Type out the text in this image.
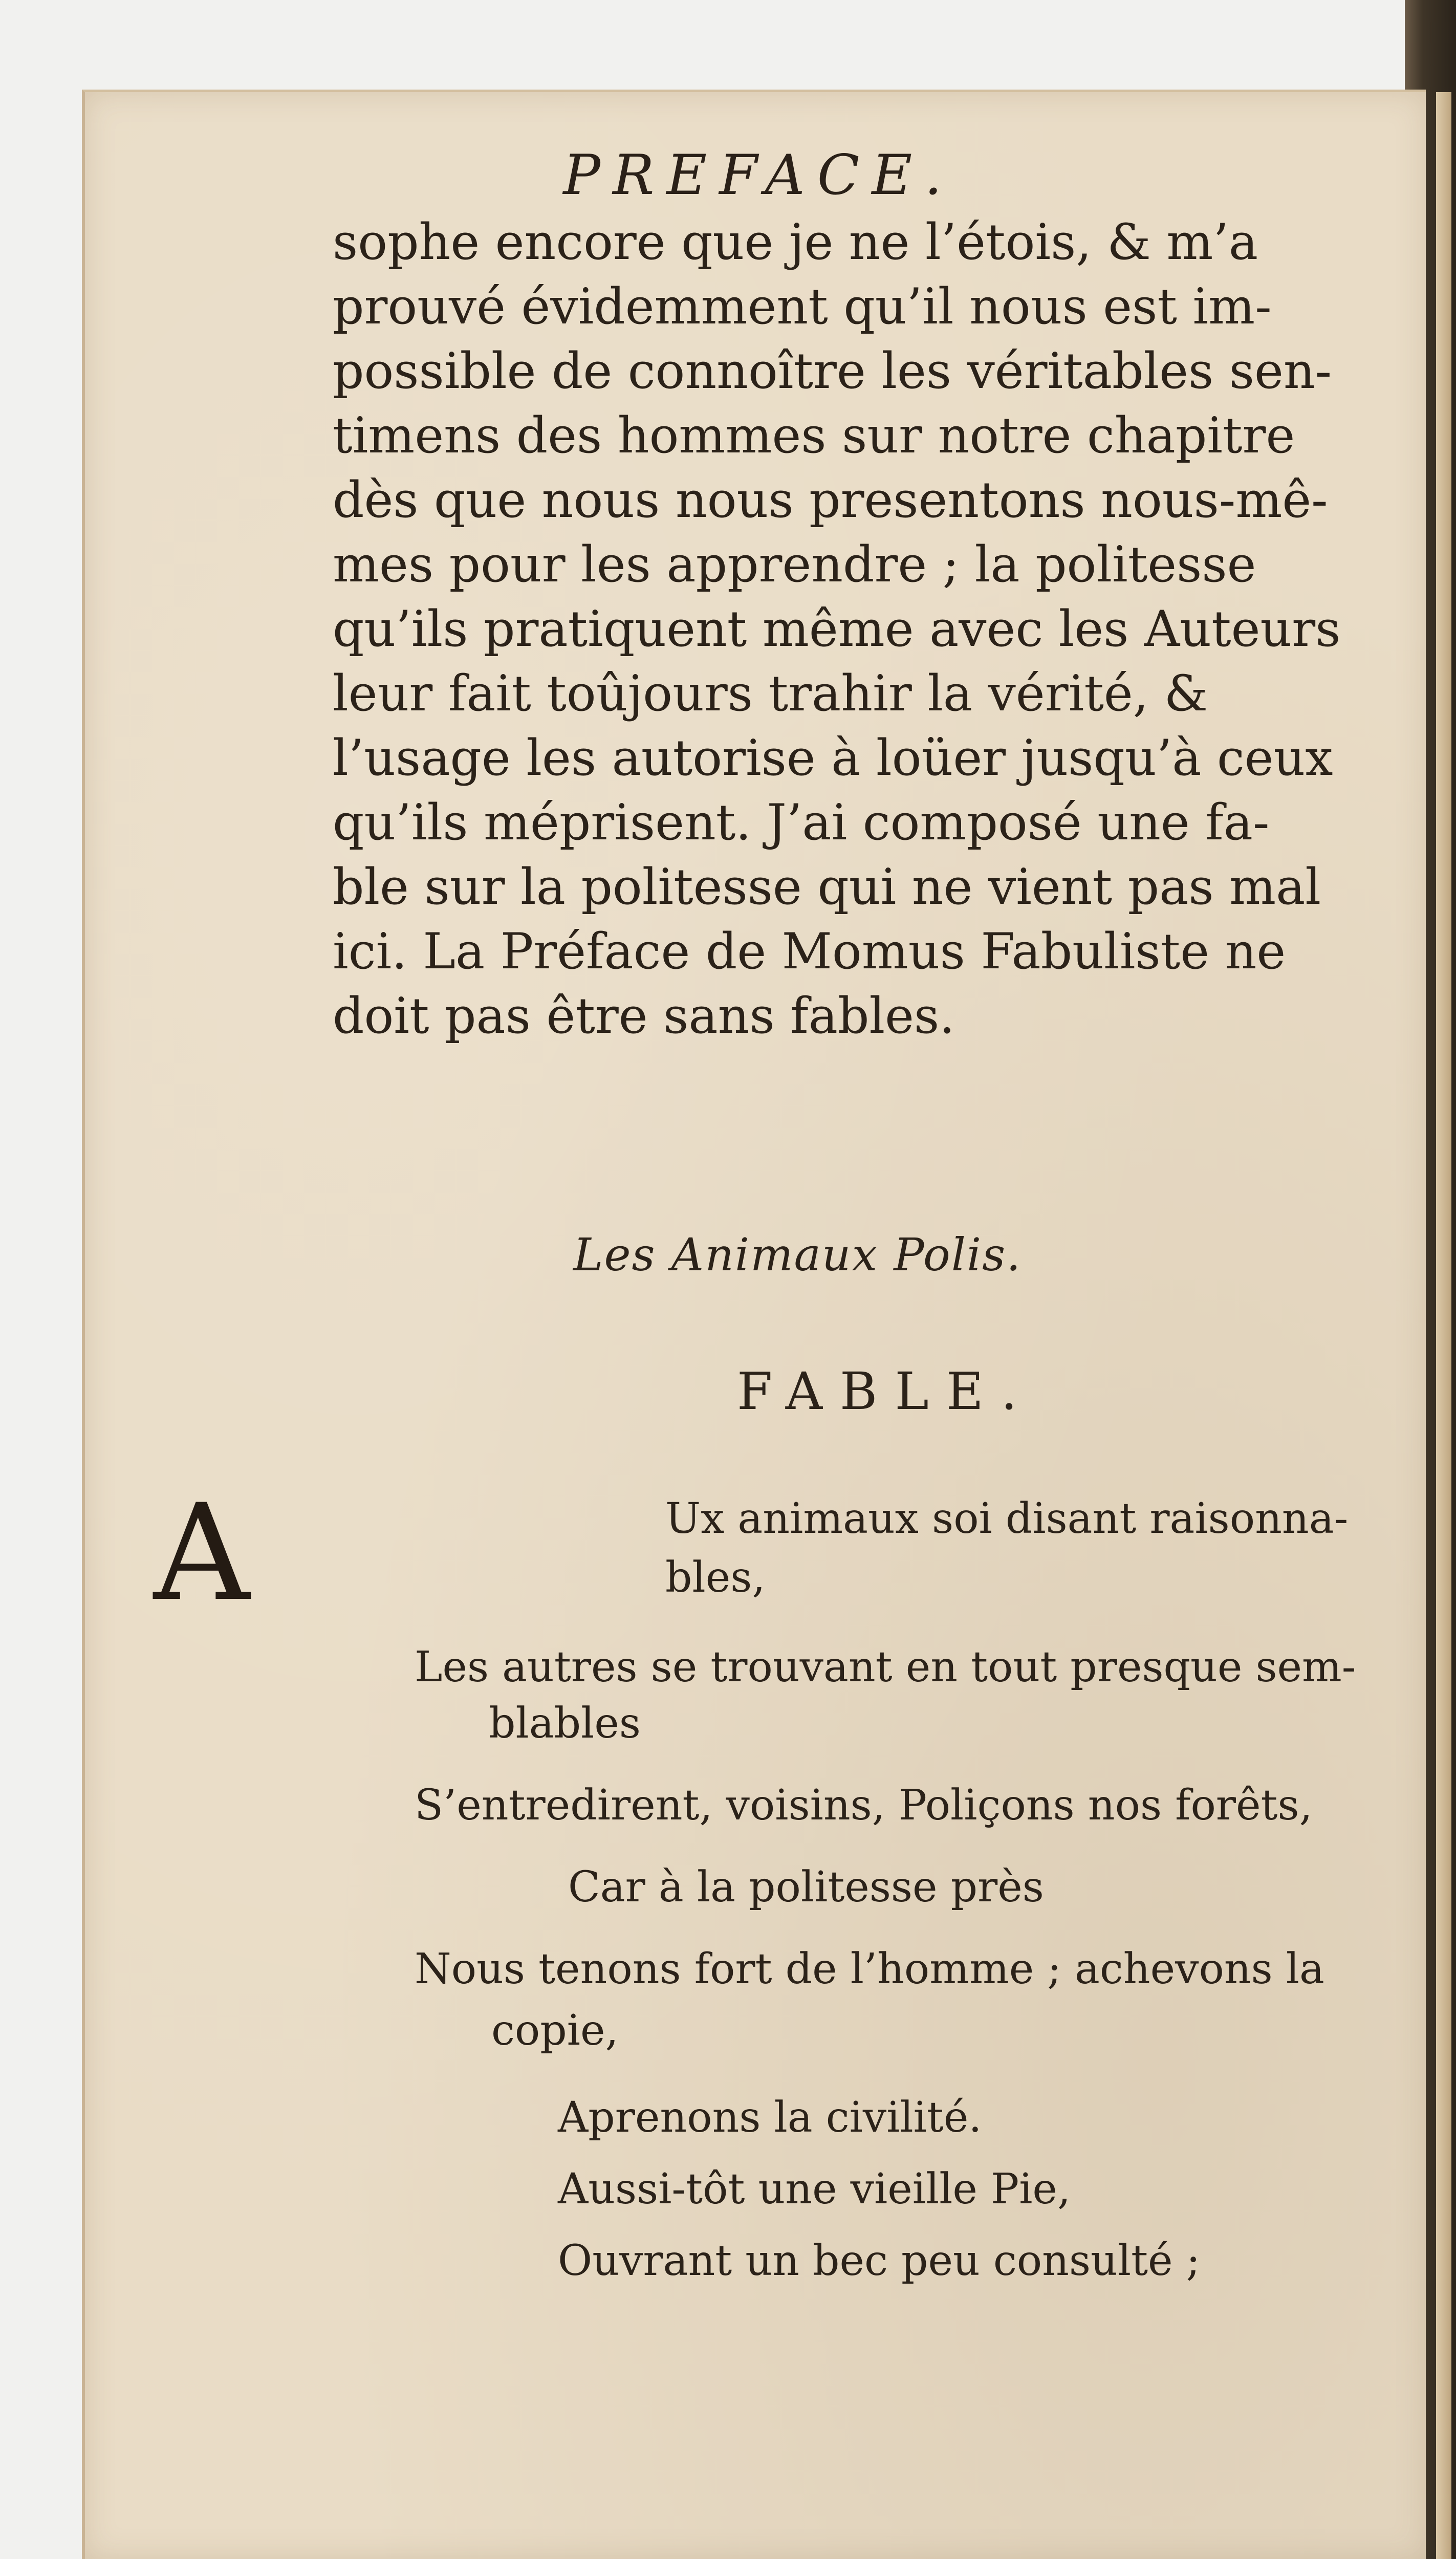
PREFACE.
sophe encore que je ne l’étois, & m’a
prouvé évidemment qu’il nous est im-
possible de connoître les véritables sen-
timens des hommes sur notre chapitre
dès que nous nous presentons nous-mê-
mes pour les apprendre ; la politesse
qu’ils pratiquent même avec les Auteurs
leur fait toûjours trahir la vérité, &
l’usage les autorise à loüer jusqu’à ceux
qu’ils méprisent. J’ai composé une fa-
ble sur la politesse qui ne vient pas mal
ici. La Préface de Momus Fabuliste ne
doit pas être sans fables.
Les Animaux Polis.
FABLE.
A	Ux animaux soi disant raisonna-
bles,
Les autres se trouvant en tout presque sem-
blables
S’entredirent, voisins, Poliçons nos forêts,
Car à la politesse près
Nous tenons fort de l’homme ; achevons la
copie,
Aprenons la civilité.
Aussi-tôt une vieille Pie,
Ouvrant un bec peu consulté ;
